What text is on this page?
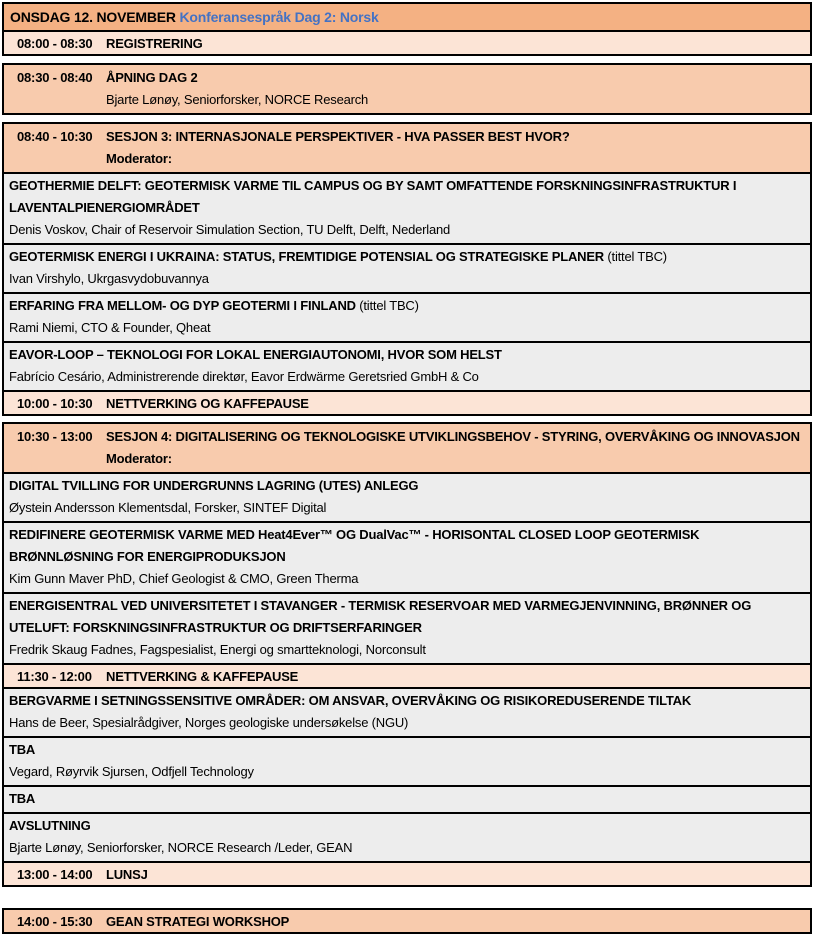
ONSDAG 12. NOVEMBER Konferansespråk Dag 2: Norsk
08:00 - 08:30	REGISTRERING
08:30 - 08:40	ÅPNING DAG 2
Bjarte Lønøy, Seniorforsker, NORCE Research
08:40 - 10:30	SESJON 3: INTERNASJONALE PERSPEKTIVER - HVA PASSER BEST HVOR?
Moderator:
GEOTHERMIE DELFT: GEOTERMISK VARME TIL CAMPUS OG BY SAMT OMFATTENDE FORSKNINGSINFRASTRUKTUR I LAVENTALPIENERGIOMRÅDET
Denis Voskov, Chair of Reservoir Simulation Section, TU Delft, Delft, Nederland
GEOTERMISK ENERGI I UKRAINA: STATUS, FREMTIDIGE POTENSIAL OG STRATEGISKE PLANER (tittel TBC)
Ivan Virshylo, Ukrgasvydobuvannya
ERFARING FRA MELLOM- OG DYP GEOTERMI I FINLAND (tittel TBC)
Rami Niemi, CTO & Founder, Qheat
EAVOR-LOOP – TEKNOLOGI FOR LOKAL ENERGIAUTONOMI, HVOR SOM HELST
Fabrício Cesário, Administrerende direktør, Eavor Erdwärme Geretsried GmbH & Co
10:00 - 10:30	NETTVERKING OG KAFFEPAUSE
10:30 - 13:00	SESJON 4: DIGITALISERING OG TEKNOLOGISKE UTVIKLINGSBEHOV - STYRING, OVERVÅKING OG INNOVASJON
Moderator:
DIGITAL TVILLING FOR UNDERGRUNNS LAGRING (UTES) ANLEGG
Øystein Andersson Klementsdal, Forsker, SINTEF Digital
REDIFINERE GEOTERMISK VARME MED Heat4Ever™ OG DualVac™ - HORISONTAL CLOSED LOOP GEOTERMISK BRØNNLØSNING FOR ENERGIPRODUKSJON
Kim Gunn Maver PhD, Chief Geologist & CMO, Green Therma
ENERGISENTRAL VED UNIVERSITETET I STAVANGER - TERMISK RESERVOAR MED VARMEGJENVINNING, BRØNNER OG UTELUFT: FORSKNINGSINFRASTRUKTUR OG DRIFTSERFARINGER
Fredrik Skaug Fadnes, Fagspesialist, Energi og smartteknologi, Norconsult
11:30 - 12:00	NETTVERKING & KAFFEPAUSE
BERGVARME I SETNINGSSENSITIVE OMRÅDER: OM ANSVAR, OVERVÅKING OG RISIKOREDUSERENDE TILTAK
Hans de Beer, Spesialrådgiver, Norges geologiske undersøkelse (NGU)
TBA
Vegard, Røyrvik Sjursen, Odfjell Technology
TBA
AVSLUTNING
Bjarte Lønøy, Seniorforsker, NORCE Research /Leder, GEAN
13:00 - 14:00	LUNSJ
14:00 - 15:30	GEAN STRATEGI WORKSHOP
